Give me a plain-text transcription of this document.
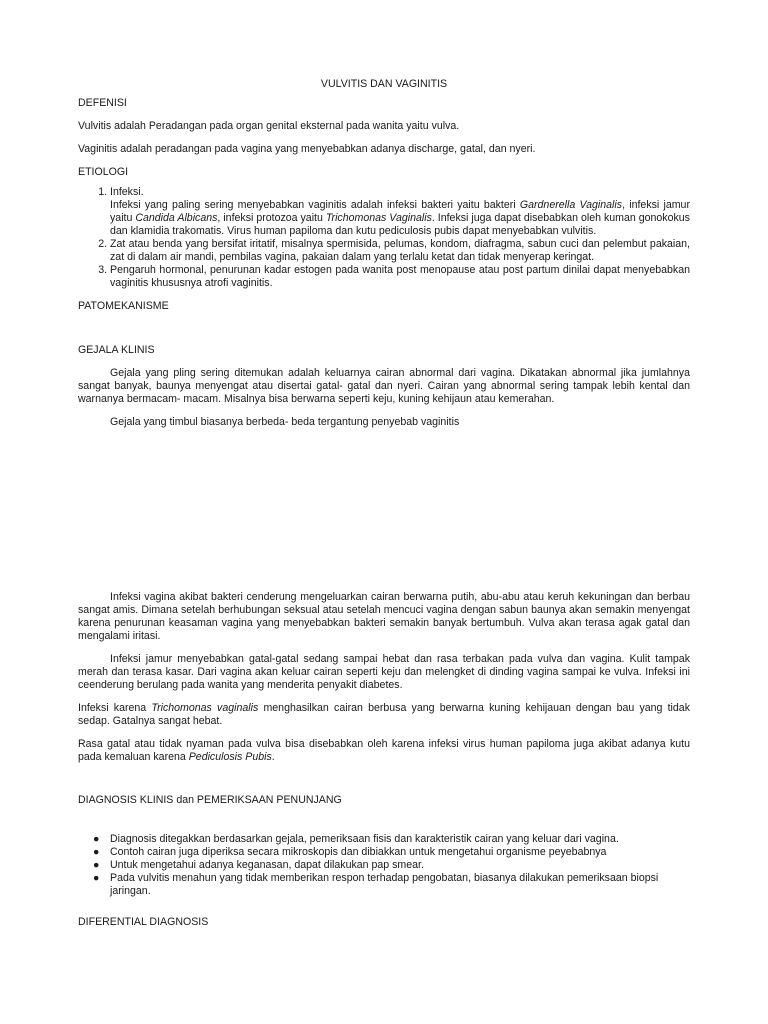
VULVITIS DAN VAGINITIS

DEFENISI

Vulvitis adalah Peradangan pada organ genital eksternal pada wanita yaitu vulva.

Vaginitis adalah peradangan pada vagina yang menyebabkan adanya discharge, gatal, dan nyeri.

ETIOLOGI

1. Infeksi.
Infeksi yang paling sering menyebabkan vaginitis adalah infeksi bakteri yaitu bakteri Gardnerella Vaginalis, infeksi jamur yaitu Candida Albicans, infeksi protozoa yaitu Trichomonas Vaginalis. Infeksi juga dapat disebabkan oleh kuman gonokokus dan klamidia trakomatis. Virus human papiloma dan kutu pediculosis pubis dapat menyebabkan vulvitis.
2. Zat atau benda yang bersifat iritatif, misalnya spermisida, pelumas, kondom, diafragma, sabun cuci dan pelembut pakaian, zat di dalam air mandi, pembilas vagina, pakaian dalam yang terlalu ketat dan tidak menyerap keringat.
3. Pengaruh hormonal, penurunan kadar estogen pada wanita post menopause atau post partum dinilai dapat menyebabkan vaginitis khususnya atrofi vaginitis.

PATOMEKANISME

GEJALA KLINIS

Gejala yang pling sering ditemukan adalah keluarnya cairan abnormal dari vagina. Dikatakan abnormal jika jumlahnya sangat banyak, baunya menyengat atau disertai gatal- gatal dan nyeri. Cairan yang abnormal sering tampak lebih kental dan warnanya bermacam- macam. Misalnya bisa berwarna seperti keju, kuning kehijaun atau kemerahan.

Gejala yang timbul biasanya berbeda- beda tergantung penyebab vaginitis

Infeksi vagina akibat bakteri cenderung mengeluarkan cairan berwarna putih, abu-abu atau keruh kekuningan dan berbau sangat amis. Dimana setelah berhubungan seksual atau setelah mencuci vagina dengan sabun baunya akan semakin menyengat karena penurunan keasaman vagina yang menyebabkan bakteri semakin banyak bertumbuh. Vulva akan terasa agak gatal dan mengalami iritasi.

Infeksi jamur menyebabkan gatal-gatal sedang sampai hebat dan rasa terbakan pada vulva dan vagina. Kulit tampak merah dan terasa kasar. Dari vagina akan keluar cairan seperti keju dan melengket di dinding vagina sampai ke vulva. Infeksi ini ceenderung berulang pada wanita yang menderita penyakit diabetes.

Infeksi karena Trichomonas vaginalis menghasilkan cairan berbusa yang berwarna kuning kehijauan dengan bau yang tidak sedap. Gatalnya sangat hebat.

Rasa gatal atau tidak nyaman pada vulva bisa disebabkan oleh karena infeksi virus human papiloma juga akibat adanya kutu pada kemaluan karena Pediculosis Pubis.

DIAGNOSIS KLINIS dan PEMERIKSAAN PENUNJANG

● Diagnosis ditegakkan berdasarkan gejala, pemeriksaan fisis dan karakteristik cairan yang keluar dari vagina.
● Contoh cairan juga diperiksa secara mikroskopis dan dibiakkan untuk mengetahui organisme peyebabnya
● Untuk mengetahui adanya keganasan, dapat dilakukan pap smear.
● Pada vulvitis menahun yang tidak memberikan respon terhadap pengobatan, biasanya dilakukan pemeriksaan biopsi jaringan.

DIFERENTIAL DIAGNOSIS
